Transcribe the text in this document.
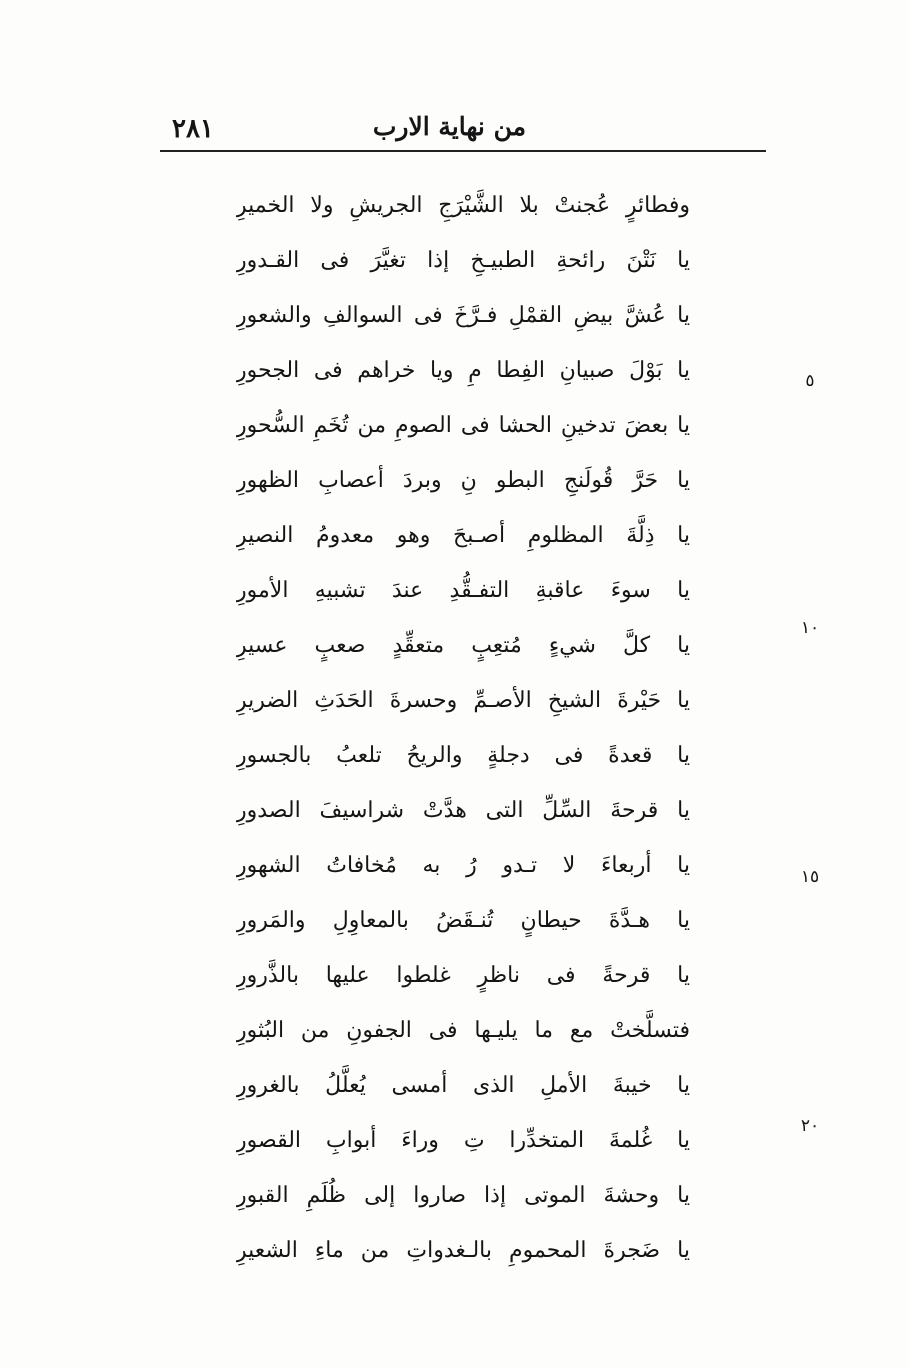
٢٨١	من نهاية الارب
وفطائرٍ عُجنتْ بلا الشَّيْرَجِ الجريشِ ولا الخميرِ
يا نَتْنَ رائحةِ الطبيـخِ إذا تغيَّرَ فى القـدورِ
يا عُشَّ بيضِ القمْلِ فـرَّخَ فى السوالفِ والشعورِ
يا بَوْلَ صبيانِ الفِطا مِ ويا خراهم فى الجحورِ
يا بعضَ تدخينِ الحشا فى الصومِ من تُخَمِ السُّحورِ
يا حَرَّ قُولَنجِ البطو نِ وبردَ أعصابِ الظهورِ
يا ذِلَّةَ المظلومِ أصـبحَ وهو معدومُ النصيرِ
يا سوءَ عاقبةِ التفـقُّدِ عندَ تشبيهِ الأمورِ
يا كلَّ شيءٍ مُتعِبٍ متعقِّدٍ صعبٍ عسيرِ
يا حَيْرةَ الشيخِ الأصـمِّ وحسرةَ الحَدَثِ الضريرِ
يا قعدةً فى دجلةٍ والريحُ تلعبُ بالجسورِ
يا قرحةَ السِّلِّ التى هدَّتْ شراسيفَ الصدورِ
يا أربعاءَ لا تـدو رُ به مُخافاتُ الشهورِ
يا هـدَّةَ حيطانٍ تُنـقَضُ بالمعاوِلِ والمَرورِ
يا قرحةً فى ناظرٍ غلطوا عليها بالذَّرورِ
فتسلَّختْ مع ما يليـها فى الجفونِ من البُثورِ
يا خيبةَ الأملِ الذى أمسى يُعلَّلُ بالغرورِ
يا غُلمةَ المتخدِّرا تِ وراءَ أبوابِ القصورِ
يا وحشةَ الموتى إذا صاروا إلى ظُلَمِ القبورِ
يا ضَجرةَ المحمومِ بالـغدواتِ من ماءِ الشعيرِ
٥
١٠
١٥
٢٠
